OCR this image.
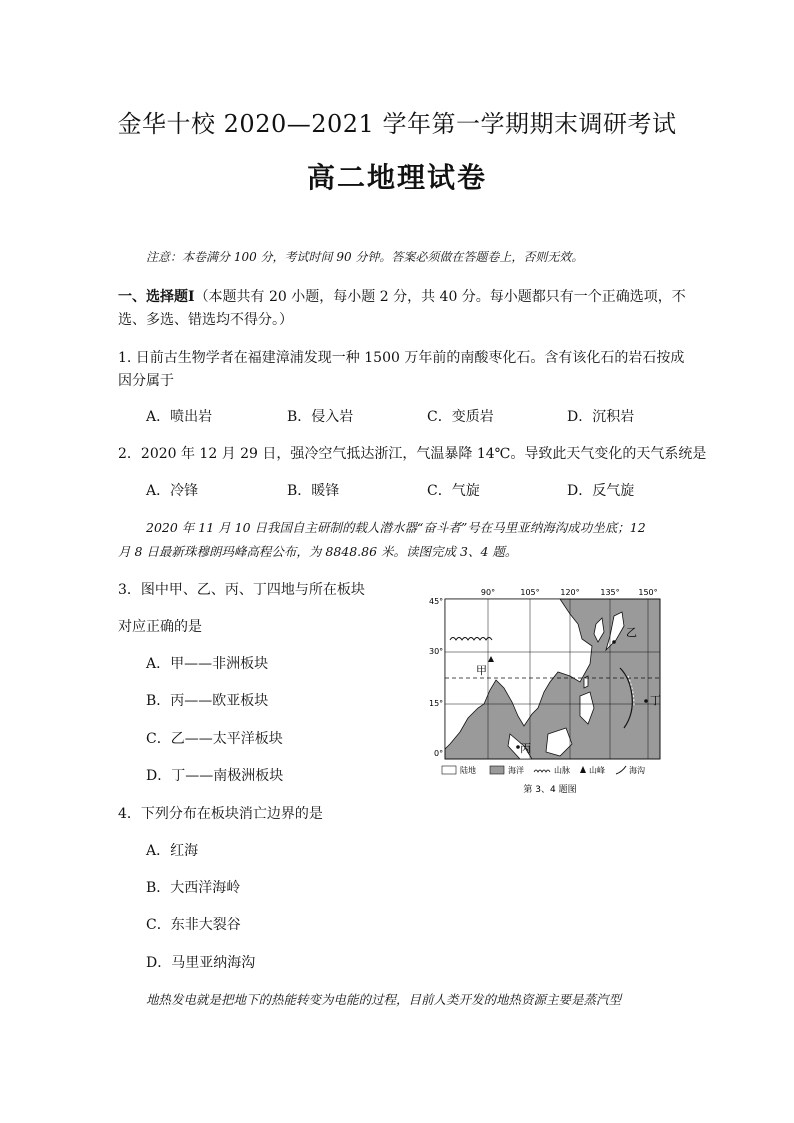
金华十校 2020—2021 学年第一学期期末调研考试
高二地理试卷
注意：本卷满分 100 分，考试时间 90 分钟。答案必须做在答题卷上，否则无效。
一、选择题Ⅰ（本题共有 20 小题，每小题 2 分，共 40 分。每小题都只有一个正确选项，不
选、多选、错选均不得分。）
1. 日前古生物学者在福建漳浦发现一种 1500 万年前的南酸枣化石。含有该化石的岩石按成
因分属于
A．喷出岩	B．侵入岩	C．变质岩	D．沉积岩
2．2020 年 12 月 29 日，强冷空气抵达浙江，气温暴降 14℃。导致此天气变化的天气系统是
A．冷锋	B．暖锋	C．气旋	D．反气旋
2020 年 11 月 10 日我国自主研制的载人潜水器“奋斗者”号在马里亚纳海沟成功坐底；12
月 8 日最新珠穆朗玛峰高程公布，为 8848.86 米。读图完成 3、4 题。
3．图中甲、乙、丙、丁四地与所在板块
对应正确的是
A．甲——非洲板块
B．丙——欧亚板块
C．乙——太平洋板块
D．丁——南极洲板块
4．下列分布在板块消亡边界的是
A．红海
B．大西洋海岭
C．东非大裂谷
D．马里亚纳海沟
地热发电就是把地下的热能转变为电能的过程，目前人类开发的地热资源主要是蒸汽型
90°	105°	120°	135° 150°
45°
30°
15°
0°
甲
乙
丙
丁
陆地	海洋	山脉 山峰	海沟
第 3、4 题图
